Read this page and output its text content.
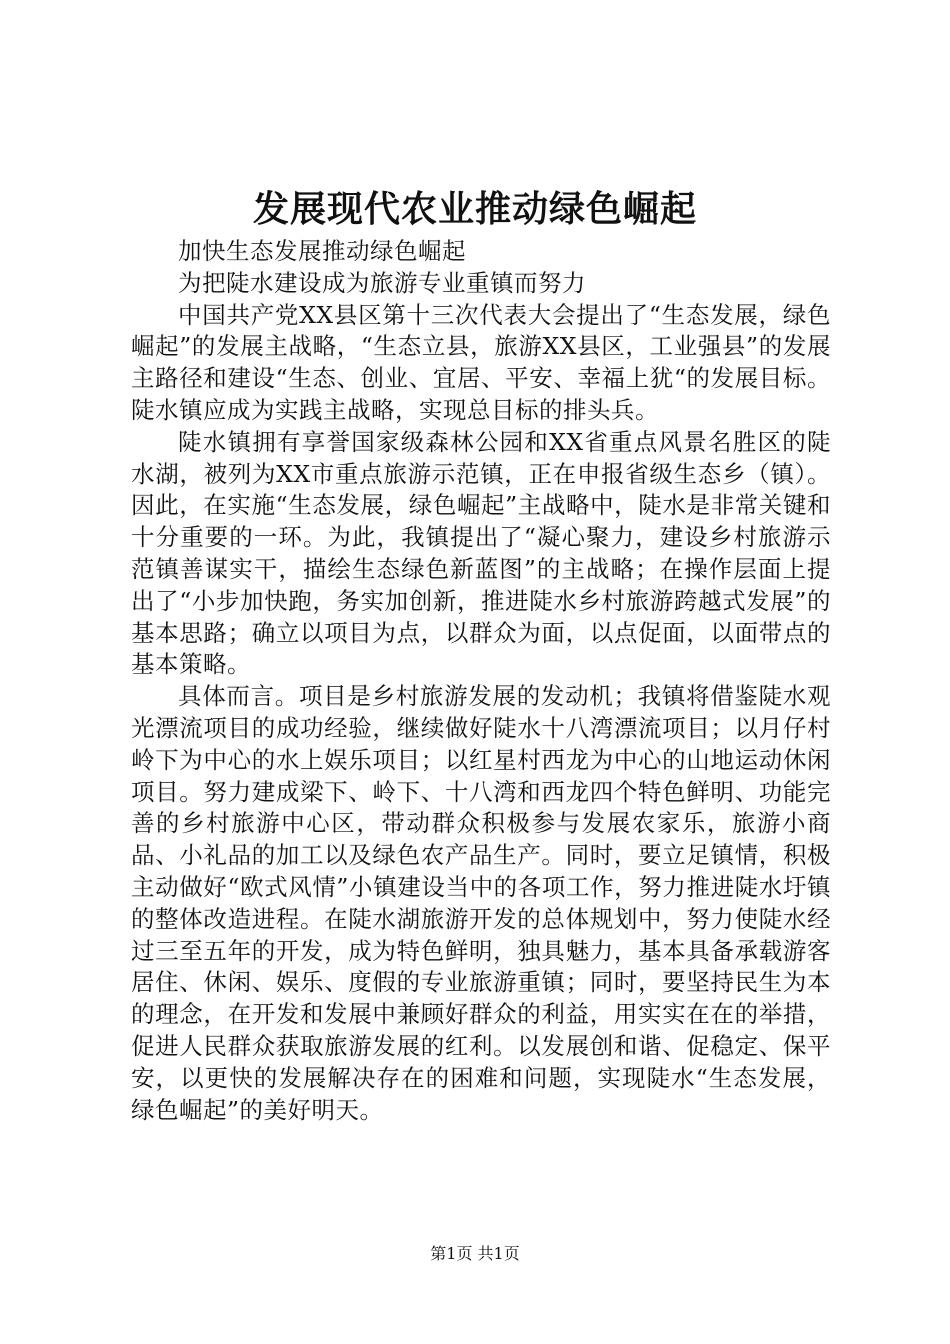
发展现代农业推动绿色崛起

加快生态发展推动绿色崛起

为把陡水建设成为旅游专业重镇而努力

中国共产党XX县区第十三次代表大会提出了“生态发展，绿色崛起”的发展主战略，“生态立县，旅游XX县区，工业强县”的发展主路径和建设“生态、创业、宜居、平安、幸福上犹“的发展目标。陡水镇应成为实践主战略，实现总目标的排头兵。

陡水镇拥有享誉国家级森林公园和XX省重点风景名胜区的陡水湖，被列为XX市重点旅游示范镇，正在申报省级生态乡（镇）。因此，在实施“生态发展，绿色崛起”主战略中，陡水是非常关键和十分重要的一环。为此，我镇提出了“凝心聚力，建设乡村旅游示范镇善谋实干，描绘生态绿色新蓝图”的主战略；在操作层面上提出了“小步加快跑，务实加创新，推进陡水乡村旅游跨越式发展”的基本思路；确立以项目为点，以群众为面，以点促面，以面带点的基本策略。

具体而言。项目是乡村旅游发展的发动机；我镇将借鉴陡水观光漂流项目的成功经验，继续做好陡水十八湾漂流项目；以月仔村岭下为中心的水上娱乐项目；以红星村西龙为中心的山地运动休闲项目。努力建成梁下、岭下、十八湾和西龙四个特色鲜明、功能完善的乡村旅游中心区，带动群众积极参与发展农家乐，旅游小商品、小礼品的加工以及绿色农产品生产。同时，要立足镇情，积极主动做好“欧式风情”小镇建设当中的各项工作，努力推进陡水圩镇的整体改造进程。在陡水湖旅游开发的总体规划中，努力使陡水经过三至五年的开发，成为特色鲜明，独具魅力，基本具备承载游客居住、休闲、娱乐、度假的专业旅游重镇；同时，要坚持民生为本的理念，在开发和发展中兼顾好群众的利益，用实实在在的举措，促进人民群众获取旅游发展的红利。以发展创和谐、促稳定、保平安，以更快的发展解决存在的困难和问题，实现陡水“生态发展，绿色崛起”的美好明天。

第1页 共1页
